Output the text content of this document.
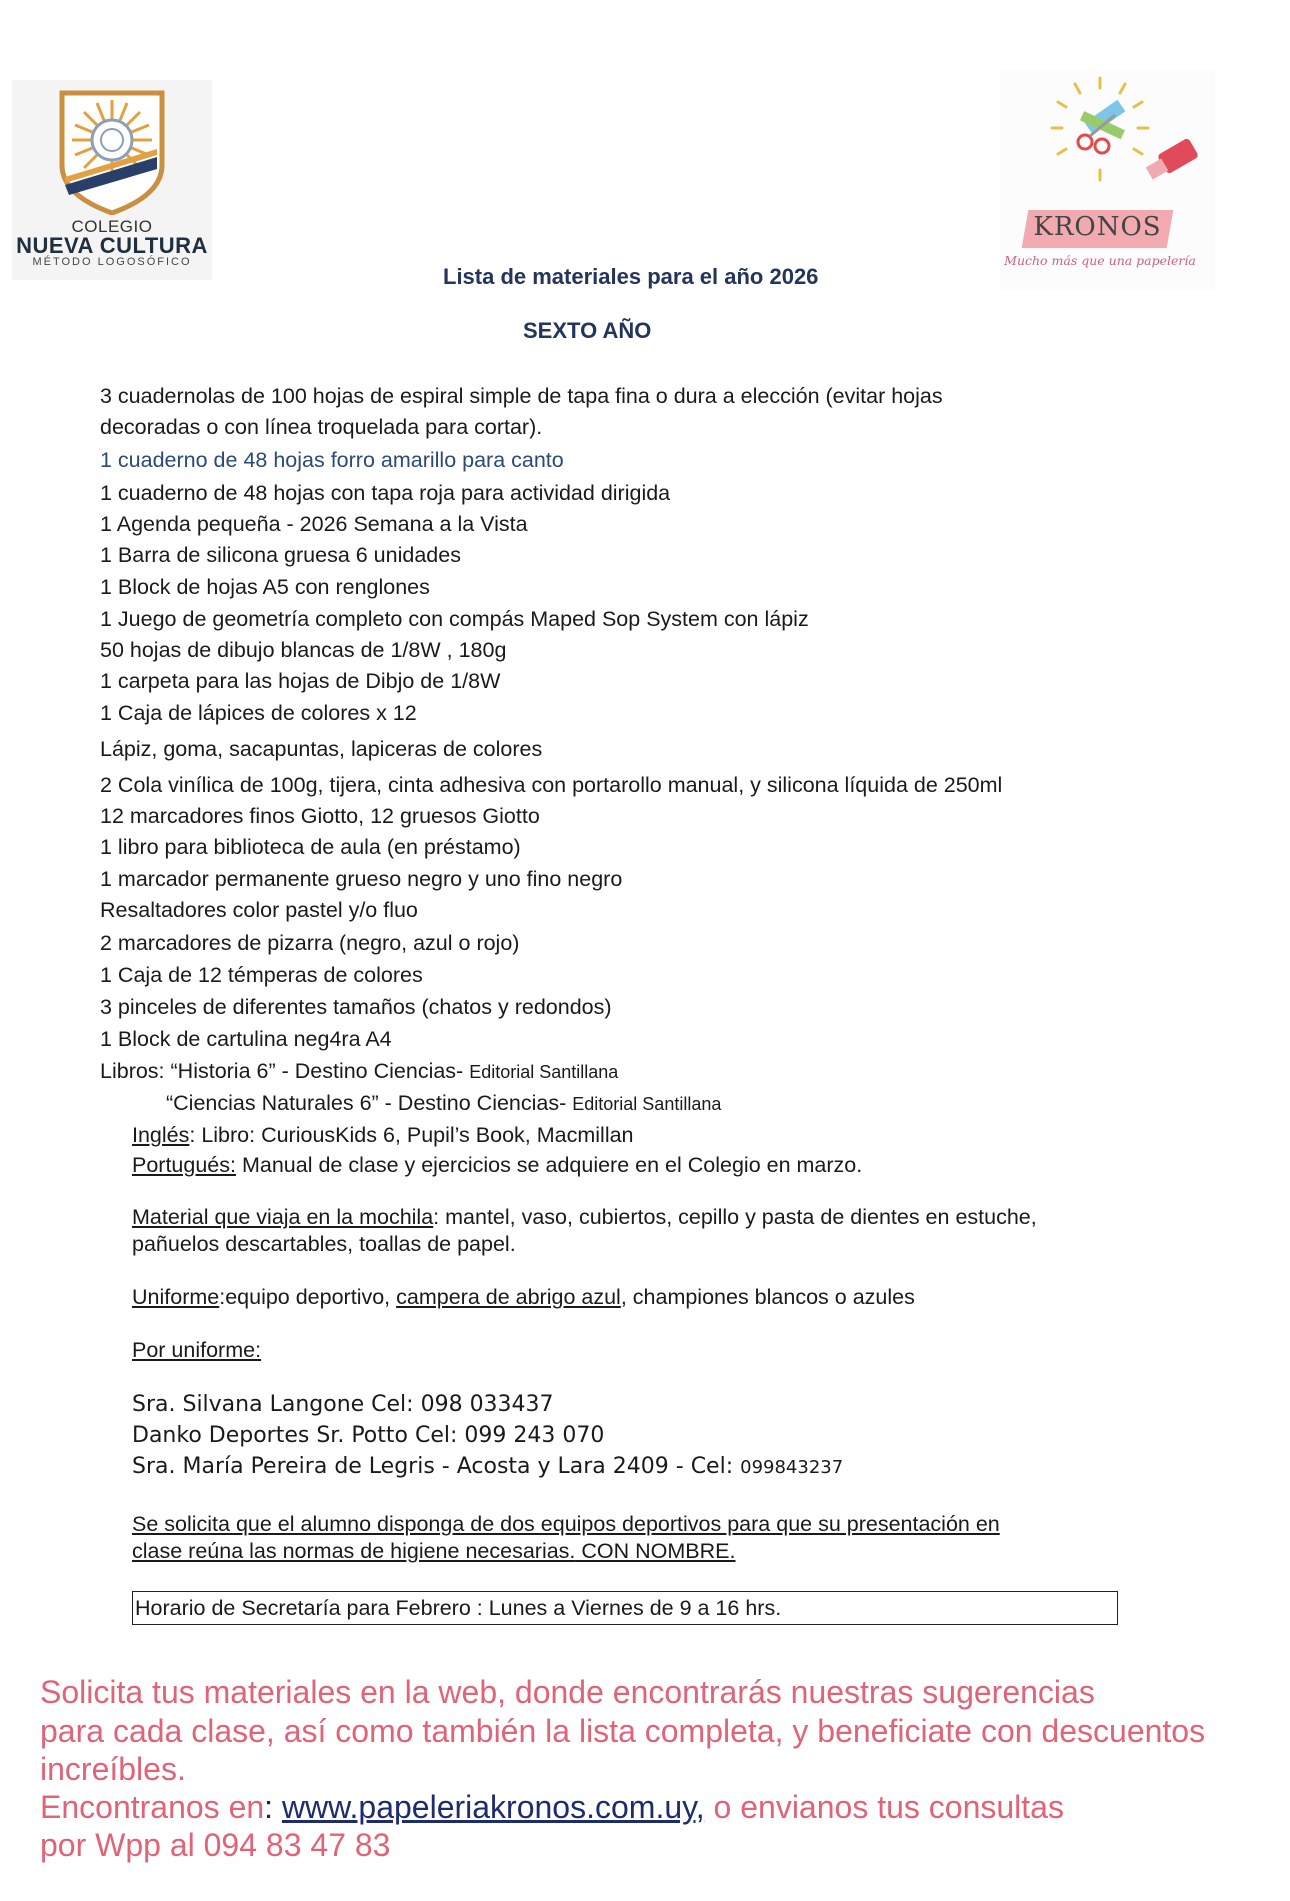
COLEGIO
NUEVA CULTURA
MÉTODO LOGOSÓFICO
KRONOS
Mucho más que una papelería
Lista de materiales para el año 2026
SEXTO AÑO
3 cuadernolas de 100 hojas de espiral simple de tapa fina o dura a elección (evitar hojas
decoradas o con línea troquelada para cortar).
1 cuaderno de 48 hojas forro amarillo para canto
1 cuaderno de 48 hojas con tapa roja para actividad dirigida
1 Agenda pequeña - 2026 Semana a la Vista
1 Barra de silicona gruesa 6 unidades
1 Block de hojas A5 con renglones
1 Juego de geometría completo con compás Maped Sop System con lápiz
50 hojas de dibujo blancas de 1/8W , 180g
1 carpeta para las hojas de Dibjo de 1/8W
1 Caja de lápices de colores x 12
Lápiz, goma, sacapuntas, lapiceras de colores
2 Cola vinílica de 100g, tijera, cinta adhesiva con portarollo manual, y silicona líquida de 250ml
12 marcadores finos Giotto, 12 gruesos Giotto
1 libro para biblioteca de aula (en préstamo)
1 marcador permanente grueso negro y uno fino negro
Resaltadores color pastel y/o fluo
2 marcadores de pizarra (negro, azul o rojo)
1 Caja de 12 témperas de colores
3 pinceles de diferentes tamaños (chatos y redondos)
1 Block de cartulina neg4ra A4
Libros: “Historia 6” - Destino Ciencias- Editorial Santillana
“Ciencias Naturales 6” - Destino Ciencias- Editorial Santillana
Inglés: Libro: CuriousKids 6, Pupil’s Book, Macmillan
Portugués: Manual de clase y ejercicios se adquiere en el Colegio en marzo.
Material que viaja en la mochila: mantel, vaso, cubiertos, cepillo y pasta de dientes en estuche,
pañuelos descartables, toallas de papel.
Uniforme:equipo deportivo, campera de abrigo azul, championes blancos o azules
Por uniforme:
Sra. Silvana Langone Cel: 098 033437
Danko Deportes Sr. Potto Cel: 099 243 070
Sra. María Pereira de Legris - Acosta y Lara 2409 - Cel: 099843237
Se solicita que el alumno disponga de dos equipos deportivos para que su presentación en
clase reúna las normas de higiene necesarias. CON NOMBRE.
Horario de Secretaría para Febrero : Lunes a Viernes de 9 a 16 hrs.
Solicita tus materiales en la web, donde encontrarás nuestras sugerencias
para cada clase, así como también la lista completa, y beneficiate con descuentos
increíbles.
Encontranos en: www.papeleriakronos.com.uy, o envianos tus consultas
por Wpp al 094 83 47 83
